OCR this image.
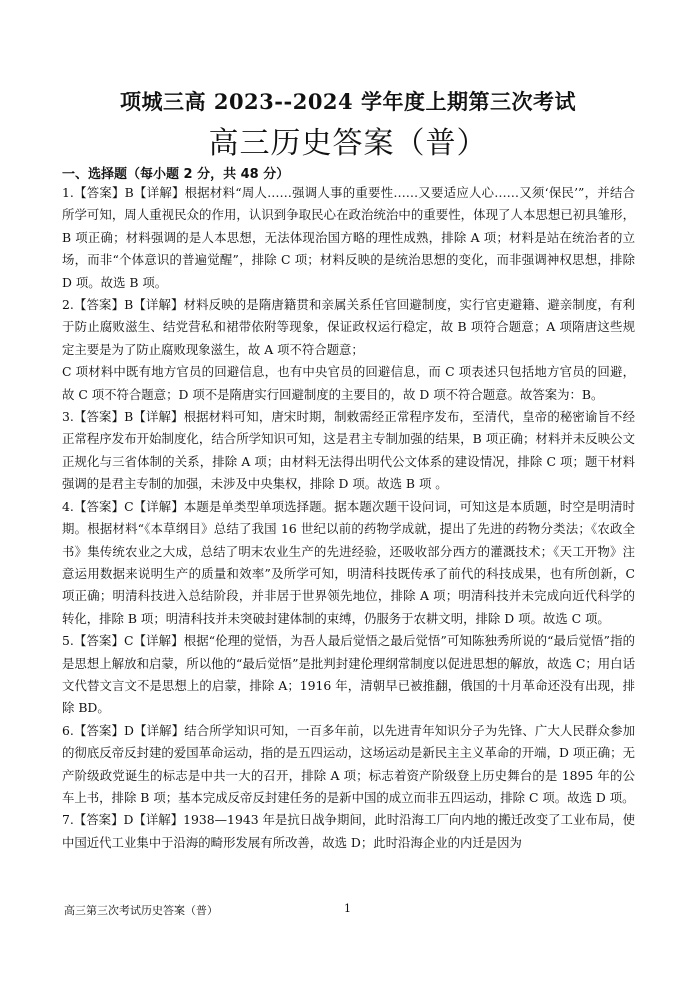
项城三高 2023--2024 学年度上期第三次考试
高三历史答案（普）
一、选择题（每小题 2 分，共 48 分）

1.【答案】B【详解】根据材料“周人……强调人事的重要性……又要适应人心……又须‘保民’”，并结合所学可知，周人重视民众的作用，认识到争取民心在政治统治中的重要性，体现了人本思想已初具雏形，B 项正确；材料强调的是人本思想，无法体现治国方略的理性成熟，排除 A 项；材料是站在统治者的立场，而非“个体意识的普遍觉醒”，排除 C 项；材料反映的是统治思想的变化，而非强调神权思想，排除 D 项。故选 B 项。

2.【答案】B【详解】材料反映的是隋唐籍贯和亲属关系任官回避制度，实行官吏避籍、避亲制度，有利于防止腐败滋生、结党营私和裙带依附等现象，保证政权运行稳定，故 B 项符合题意；A 项隋唐这些规定主要是为了防止腐败现象滋生，故 A 项不符合题意；

C 项材料中既有地方官员的回避信息，也有中央官员的回避信息，而 C 项表述只包括地方官员的回避，故 C 项不符合题意；D 项不是隋唐实行回避制度的主要目的，故 D 项不符合题意。故答案为：B。

3.【答案】B【详解】根据材料可知，唐宋时期，制敕需经正常程序发布，至清代，皇帝的秘密谕旨不经正常程序发布开始制度化，结合所学知识可知，这是君主专制加强的结果，B 项正确；材料并未反映公文正规化与三省体制的关系，排除 A 项；由材料无法得出明代公文体系的建设情况，排除 C 项；题干材料强调的是君主专制的加强，未涉及中央集权，排除 D 项。故选 B 项 。

4.【答案】C【详解】本题是单类型单项选择题。据本题次题干设问词，可知这是本质题，时空是明清时期。根据材料“《本草纲目》总结了我国 16 世纪以前的药物学成就，提出了先进的药物分类法；《农政全书》集传统农业之大成，总结了明末农业生产的先进经验，还吸收部分西方的灌溉技术；《天工开物》注意运用数据来说明生产的质量和效率”及所学可知，明清科技既传承了前代的科技成果，也有所创新，C 项正确；明清科技进入总结阶段，并非居于世界领先地位，排除 A 项；明清科技并未完成向近代科学的转化，排除 B 项；明清科技并未突破封建体制的束缚，仍服务于农耕文明，排除 D 项。故选 C 项。

5.【答案】C【详解】根据“伦理的觉悟，为吾人最后觉悟之最后觉悟”可知陈独秀所说的“最后觉悟”指的是思想上解放和启蒙，所以他的“最后觉悟”是批判封建伦理纲常制度以促进思想的解放，故选 C；用白话文代替文言文不是思想上的启蒙，排除 A；1916 年，清朝早已被推翻，俄国的十月革命还没有出现，排除 BD。

6.【答案】D【详解】结合所学知识可知，一百多年前，以先进青年知识分子为先锋、广大人民群众参加的彻底反帝反封建的爱国革命运动，指的是五四运动，这场运动是新民主主义革命的开端，D 项正确；无产阶级政党诞生的标志是中共一大的召开，排除 A 项；标志着资产阶级登上历史舞台的是 1895 年的公车上书，排除 B 项；基本完成反帝反封建任务的是新中国的成立而非五四运动，排除 C 项。故选 D 项。

7.【答案】D【详解】1938—1943 年是抗日战争期间，此时沿海工厂向内地的搬迁改变了工业布局，使中国近代工业集中于沿海的畸形发展有所改善，故选 D；此时沿海企业的内迁是因为

高三第三次考试历史答案（普）	1
